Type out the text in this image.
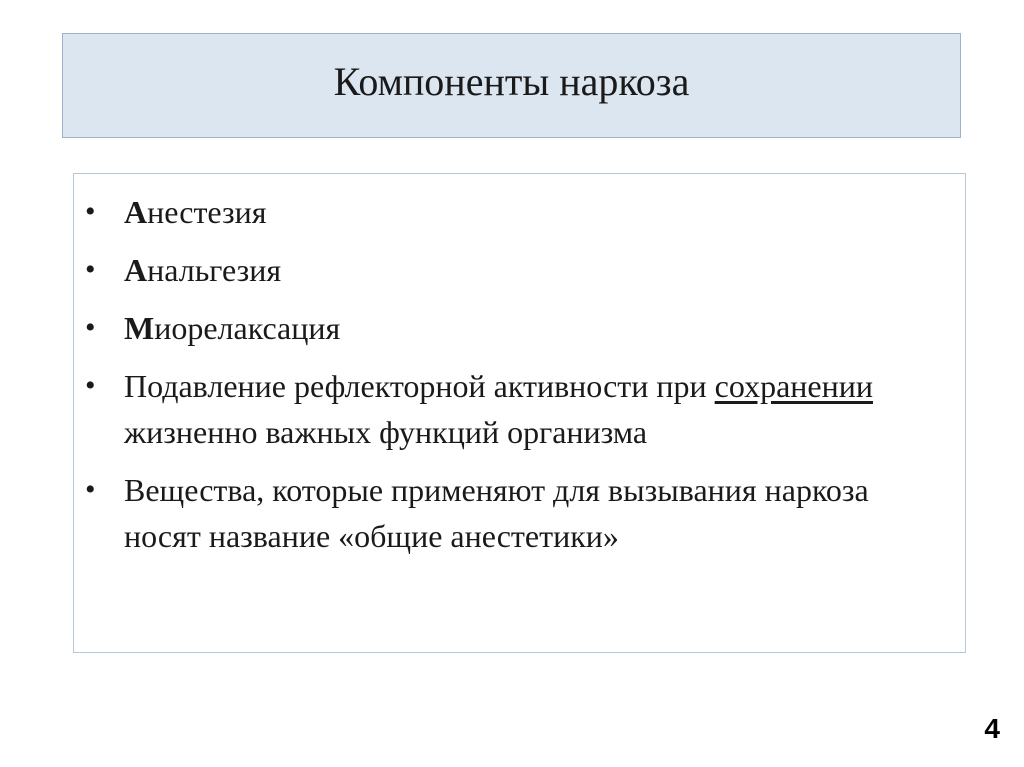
Компоненты наркоза
• Анестезия
• Анальгезия
• Миорелаксация
• Подавление рефлекторной активности при сохранении жизненно важных функций организма
• Вещества, которые применяют для вызывания наркоза носят название «общие анестетики»
4
